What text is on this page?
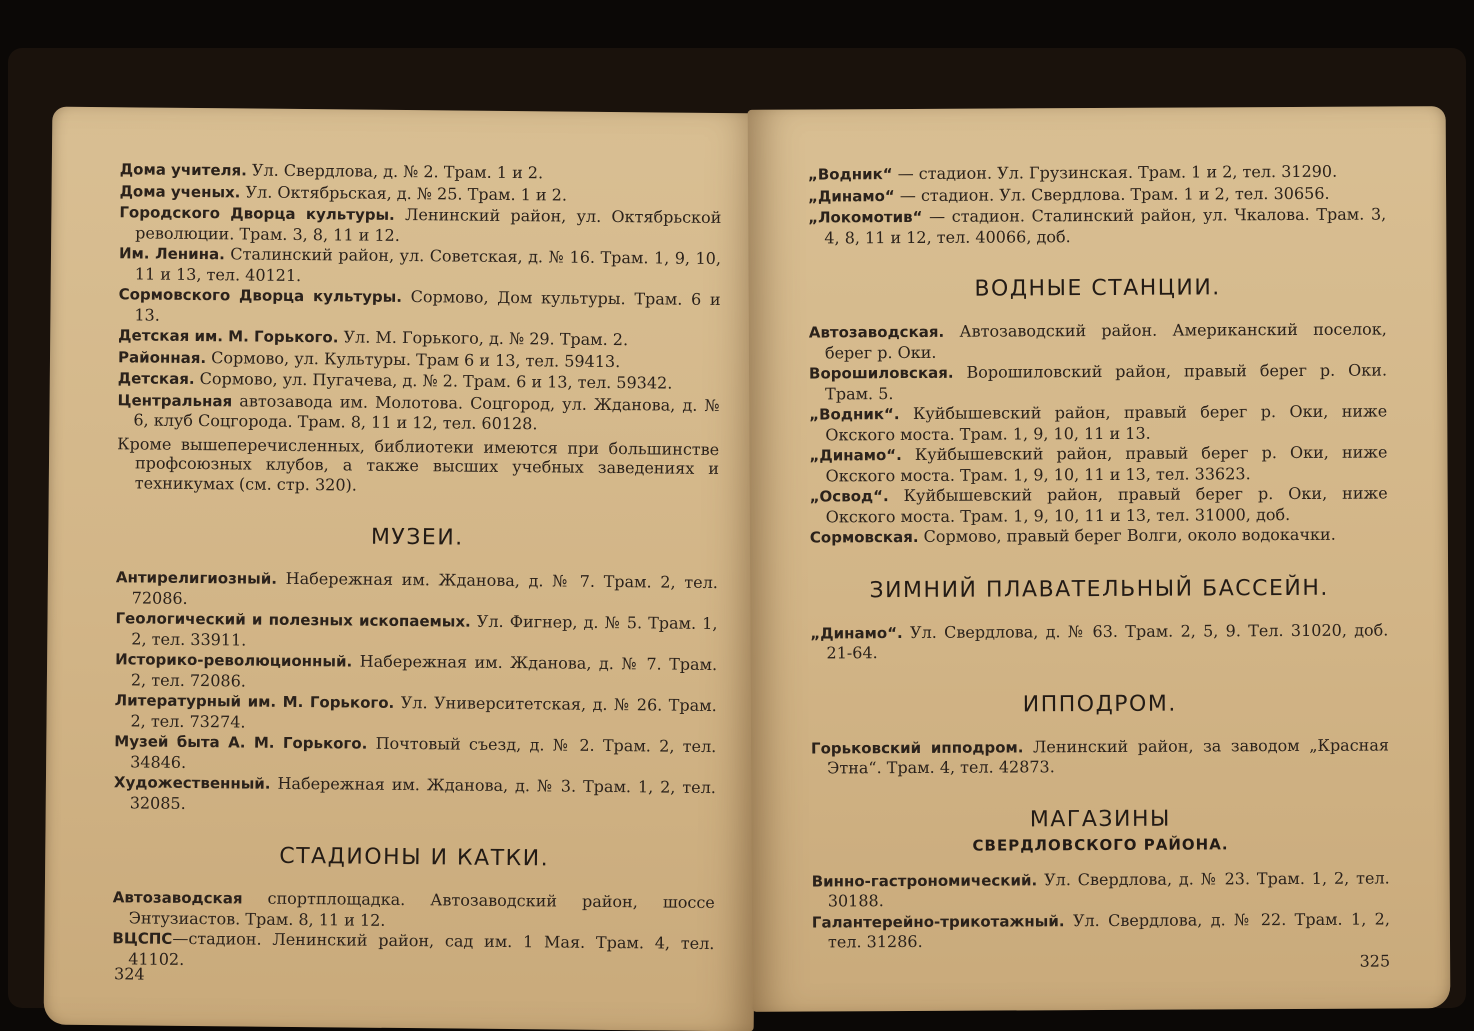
Дома учителя. Ул. Свердлова, д. № 2. Трам. 1 и 2.

Дома ученых. Ул. Октябрьская, д. № 25. Трам. 1 и 2.

Городского Дворца культуры. Ленинский район, ул. Октябрьской революции. Трам. 3, 8, 11 и 12.

Им. Ленина. Сталинский район, ул. Советская, д. № 16. Трам. 1, 9, 10, 11 и 13, тел. 40121.

Сормовского Дворца культуры. Сормово, Дом культуры. Трам. 6 и 13.

Детская им. М. Горького. Ул. М. Горького, д. № 29. Трам. 2.

Районная. Сормово, ул. Культуры. Трам 6 и 13, тел. 59413.

Детская. Сормово, ул. Пугачева, д. № 2. Трам. 6 и 13, тел. 59342.

Центральная автозавода им. Молотова. Соцгород, ул. Жданова, д. № 6, клуб Соцгорода. Трам. 8, 11 и 12, тел. 60128.

Кроме вышеперечисленных, библиотеки имеются при большинстве профсоюзных клубов, а также высших учебных заведениях и техникумах (см. стр. 320).

МУЗЕИ.

Антирелигиозный. Набережная им. Жданова, д. № 7. Трам. 2, тел. 72086.

Геологический и полезных ископаемых. Ул. Фигнер, д. № 5. Трам. 1, 2, тел. 33911.

Историко-революционный. Набережная им. Жданова, д. № 7. Трам. 2, тел. 72086.

Литературный им. М. Горького. Ул. Университетская, д. № 26. Трам. 2, тел. 73274.

Музей быта А. М. Горького. Почтовый съезд, д. № 2. Трам. 2, тел. 34846.

Художественный. Набережная им. Жданова, д. № 3. Трам. 1, 2, тел. 32085.

СТАДИОНЫ И КАТКИ.

Автозаводская спортплощадка. Автозаводский район, шоссе Энтузиастов. Трам. 8, 11 и 12.

ВЦСПС—стадион. Ленинский район, сад им. 1 Мая. Трам. 4, тел. 41102.

324

„Водник“ — стадион. Ул. Грузинская. Трам. 1 и 2, тел. 31290.

„Динамо“ — стадион. Ул. Свердлова. Трам. 1 и 2, тел. 30656.

„Локомотив“ — стадион. Сталинский район, ул. Чкалова. Трам. 3, 4, 8, 11 и 12, тел. 40066, доб.

ВОДНЫЕ СТАНЦИИ.

Автозаводская. Автозаводский район. Американский поселок, берег р. Оки.

Ворошиловская. Ворошиловский район, правый берег р. Оки. Трам. 5.

„Водник“. Куйбышевский район, правый берег р. Оки, ниже Окского моста. Трам. 1, 9, 10, 11 и 13.

„Динамо“. Куйбышевский район, правый берег р. Оки, ниже Окского моста. Трам. 1, 9, 10, 11 и 13, тел. 33623.

„Освод“. Куйбышевский район, правый берег р. Оки, ниже Окского моста. Трам. 1, 9, 10, 11 и 13, тел. 31000, доб.

Сормовская. Сормово, правый берег Волги, около водокачки.

ЗИМНИЙ ПЛАВАТЕЛЬНЫЙ БАССЕЙН.

„Динамо“. Ул. Свердлова, д. № 63. Трам. 2, 5, 9. Тел. 31020, доб. 21-64.

ИППОДРОМ.

Горьковский ипподром. Ленинский район, за заводом „Красная Этна“. Трам. 4, тел. 42873.

МАГАЗИНЫ
СВЕРДЛОВСКОГО РАЙОНА.

Винно-гастрономический. Ул. Свердлова, д. № 23. Трам. 1, 2, тел. 30188.

Галантерейно-трикотажный. Ул. Свердлова, д. № 22. Трам. 1, 2, тел. 31286.

325
